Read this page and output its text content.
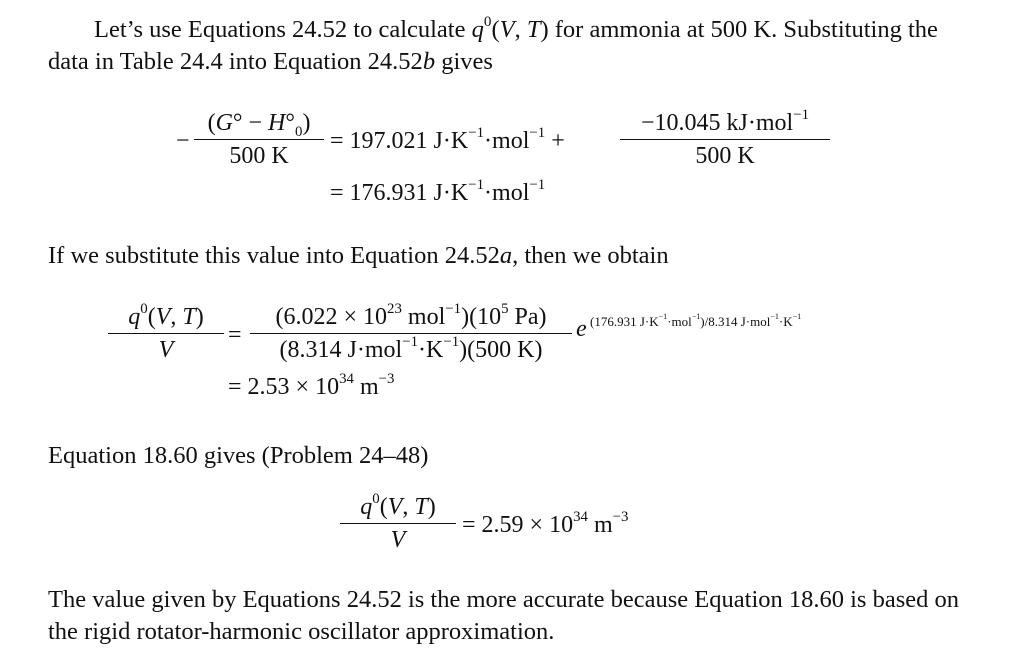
Let’s use Equations 24.52 to calculate $q^0(V$, T) for ammonia at 500 K. Substituting the data in Table 24.4 into Equation 24.52b gives

− $\frac{(G^\circ - H^\circ_0)}{500 K} = 197.021$ $J\cdot K^{-1}\cdot mol^{-1}$ +
−10.045 kJ·mol$^{-1}$
500 K
= 176.931 $J\cdot K^{-1}\cdot mol^{-1}$

If we substitute this value into Equation 24.52a, then we obtain

$\frac{q^0(V, T)}{V}$ =
($6.022 \times 10^{23}$ $mol^{-1})(10^5$ Pa)
(8.314 $J\cdot mol^{-1}\cdot K^{-1})(500$ K)
e (176.931 $J\cdot K^{-1}\cdot mol^{-1})/8.314$ $J\cdot mol^{-1}\cdot K^{-1}$
= $2.53 \times 10^{34}$ $m^{-3}$

Equation 18.60 gives (Problem 24–48)

$\frac{q^0(V, T)}{V} = 2.59 \times 10^{34}$ $m^{-3}$

The value given by Equations 24.52 is the more accurate because Equation 18.60 is based on the rigid rotator-harmonic oscillator approximation.
